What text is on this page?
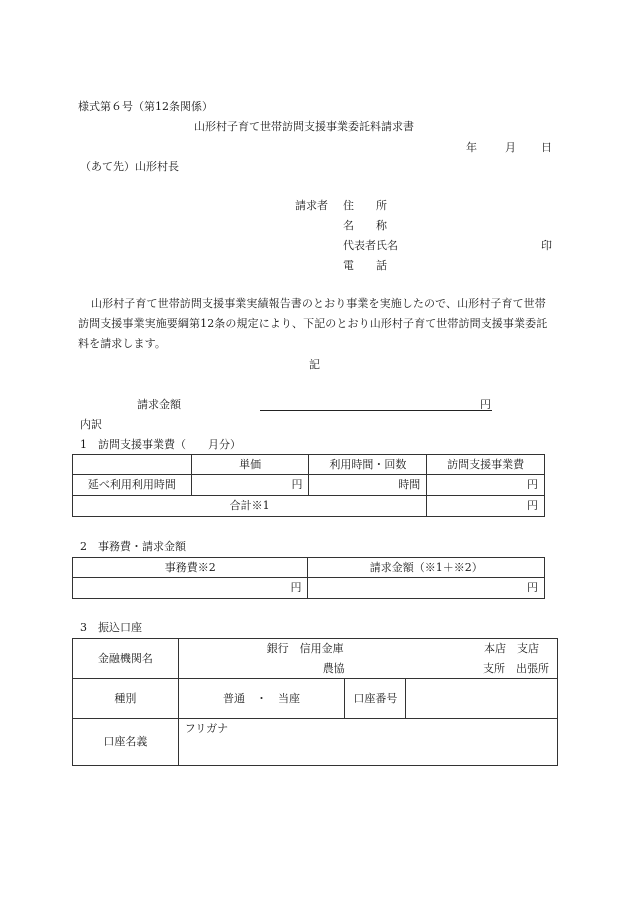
様式第６号（第12条関係）
山形村子育て世帯訪問支援事業委託料請求書
年	月 日
（あて先）山形村長
請求者 住　　所
名　　称
代表者氏名	印
電　　話
山形村子育て世帯訪問支援事業実績報告書のとおり事業を実施したので、山形村子育て世帯訪問支援事業実施要綱第12条の規定により、下記のとおり山形村子育て世帯訪問支援事業委託料を請求します。
記
請求金額	円
内訳
1　訪問支援事業費（　　月分）
	単価	利用時間・回数	訪問支援事業費
延べ利用利用時間	円	時間	円
合計※1			円
2　事務費・請求金額
事務費※2	請求金額（※1＋※2）
円	円
3　振込口座
金融機関名	銀行　信用金庫 本店　支店
農協 支所　出張所		

種別	普通　・　当座	口座番号	
口座名義	フリガナ		
